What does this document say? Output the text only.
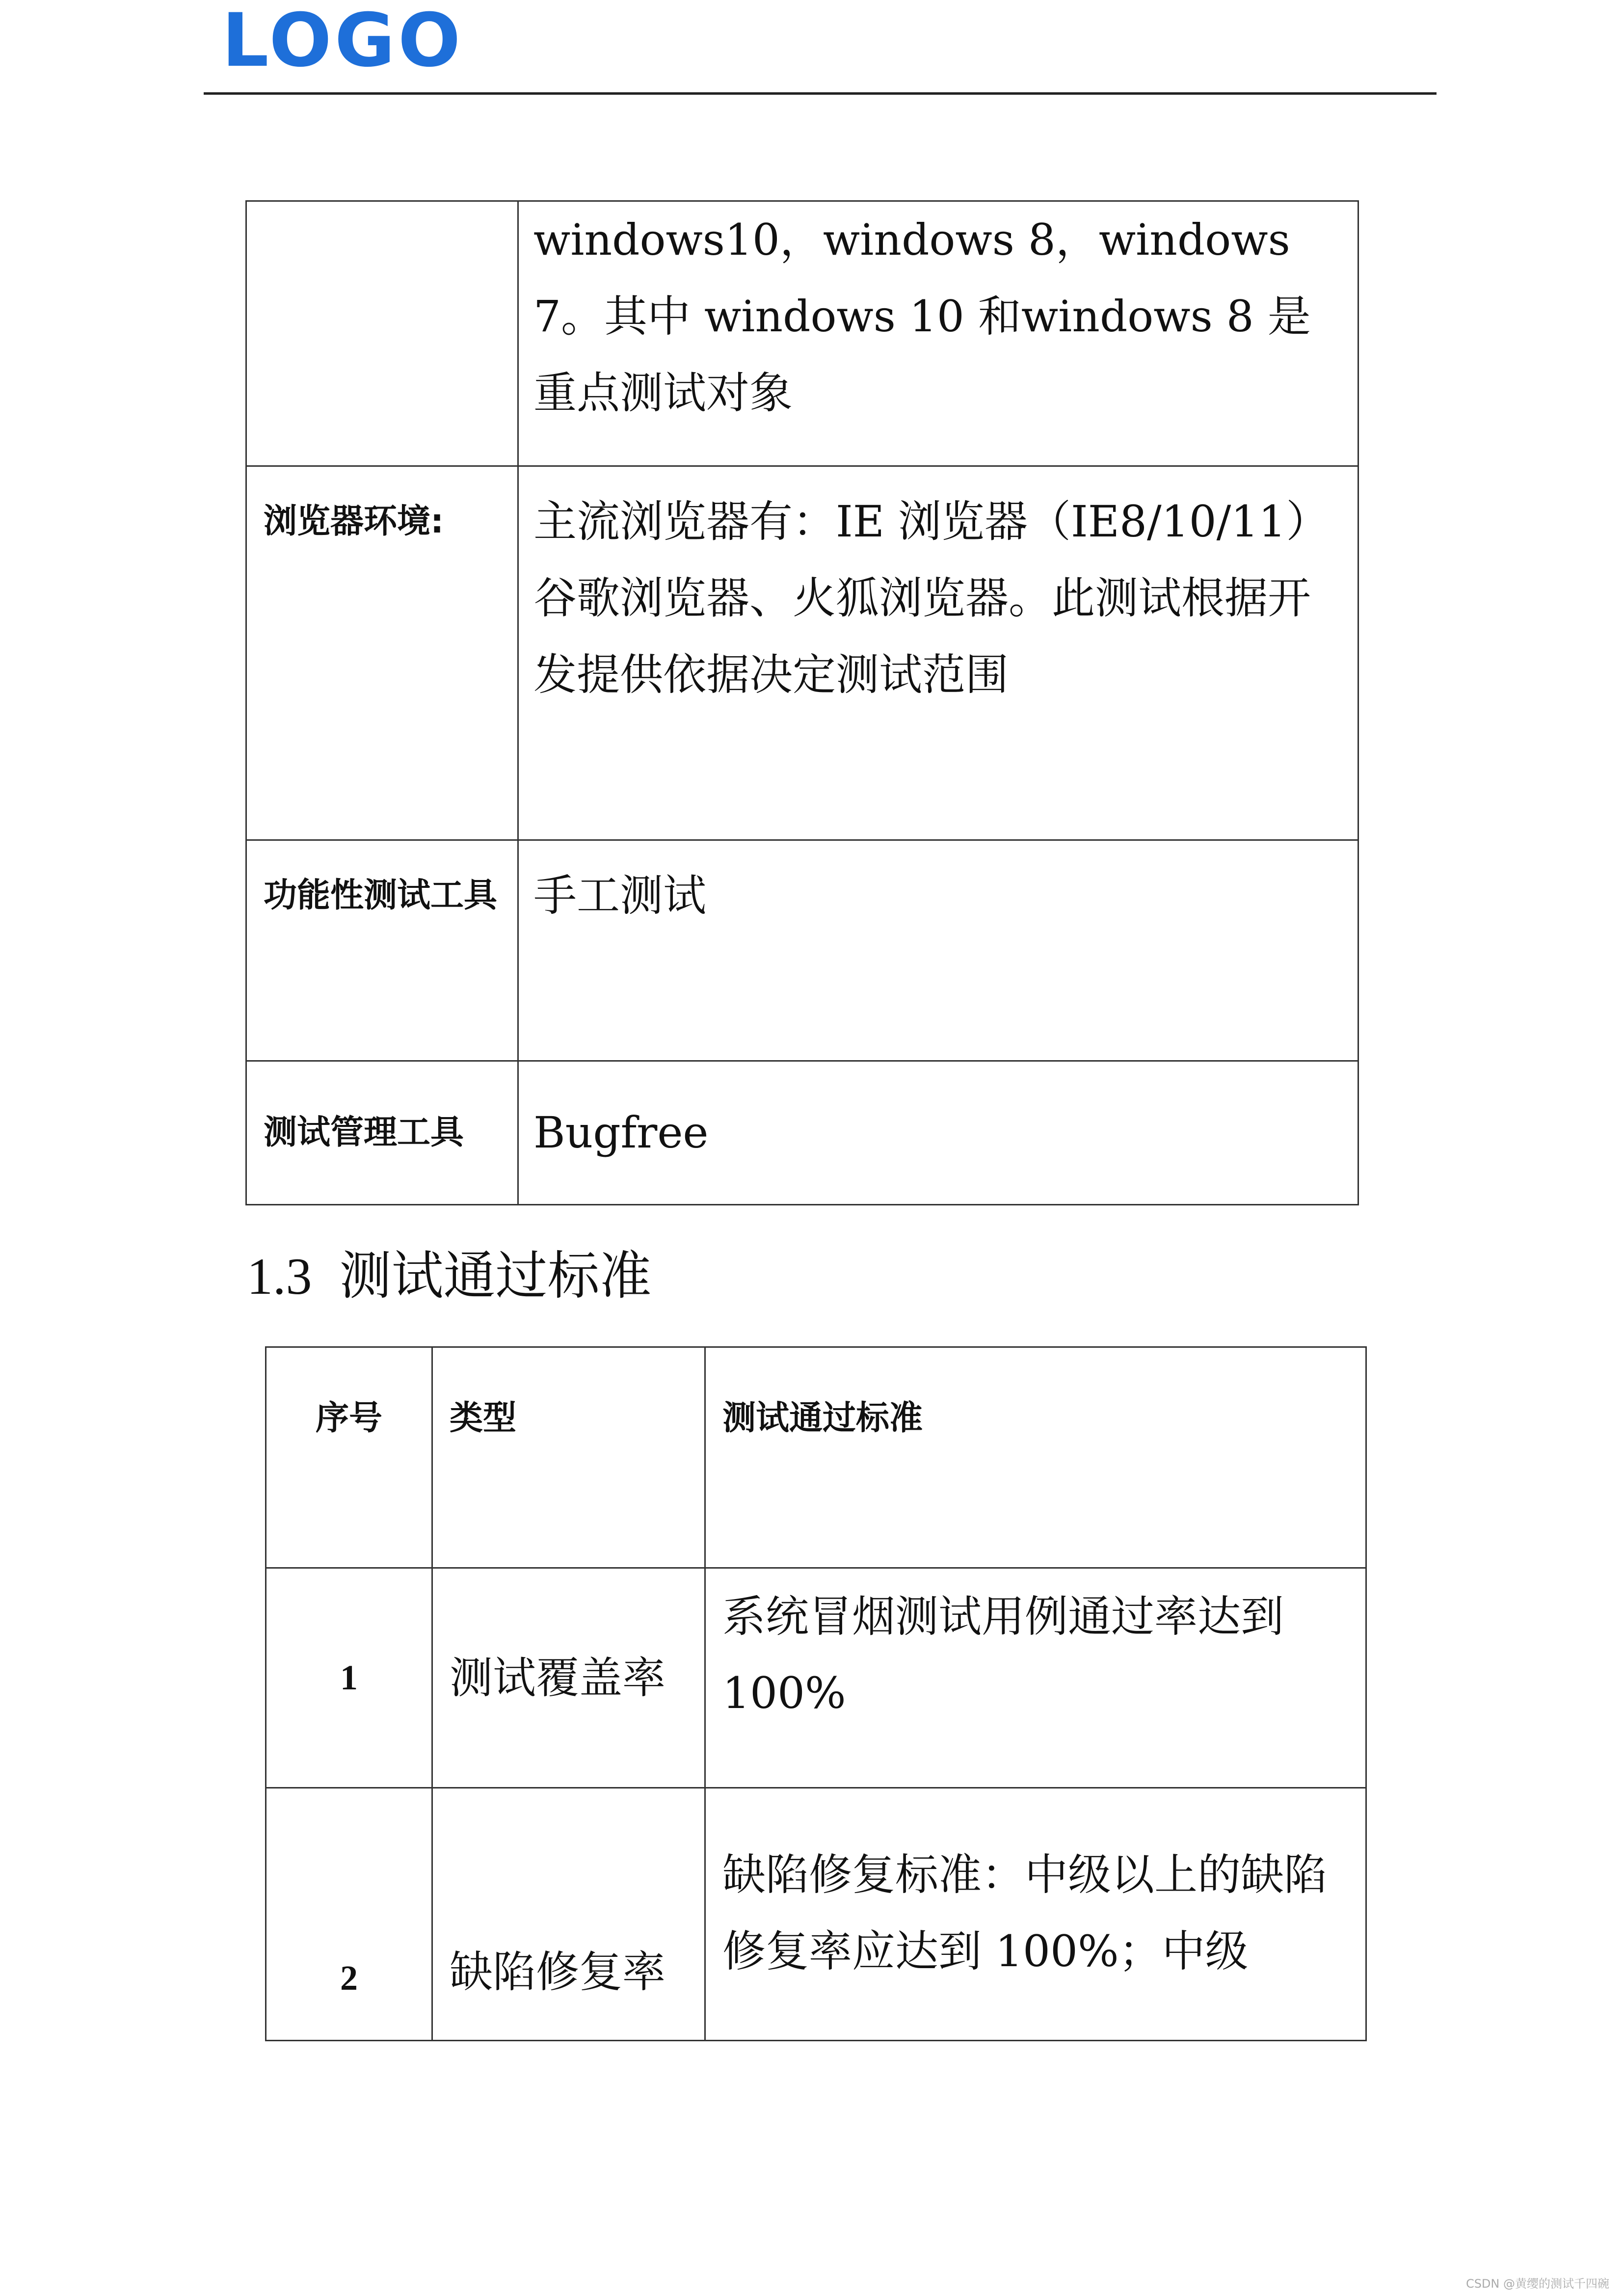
LOGO
	windows10，windows 8，windows 7。其中 windows 10 和windows 8 是重点测试对象
浏览器环境:	主流浏览器有：IE 浏览器（IE8/10/11）谷歌浏览器、火狐浏览器。此测试根据开发提供依据决定测试范围
功能性测试工具	手工测试
测试管理工具	Bugfree
1.3 测试通过标准
序号	类型	测试通过标准
1	测试覆盖率	系统冒烟测试用例通过率达到100%
2	缺陷修复率	缺陷修复标准：中级以上的缺陷修复率应达到 100%；中级
CSDN @黄缨的测试千四碗
